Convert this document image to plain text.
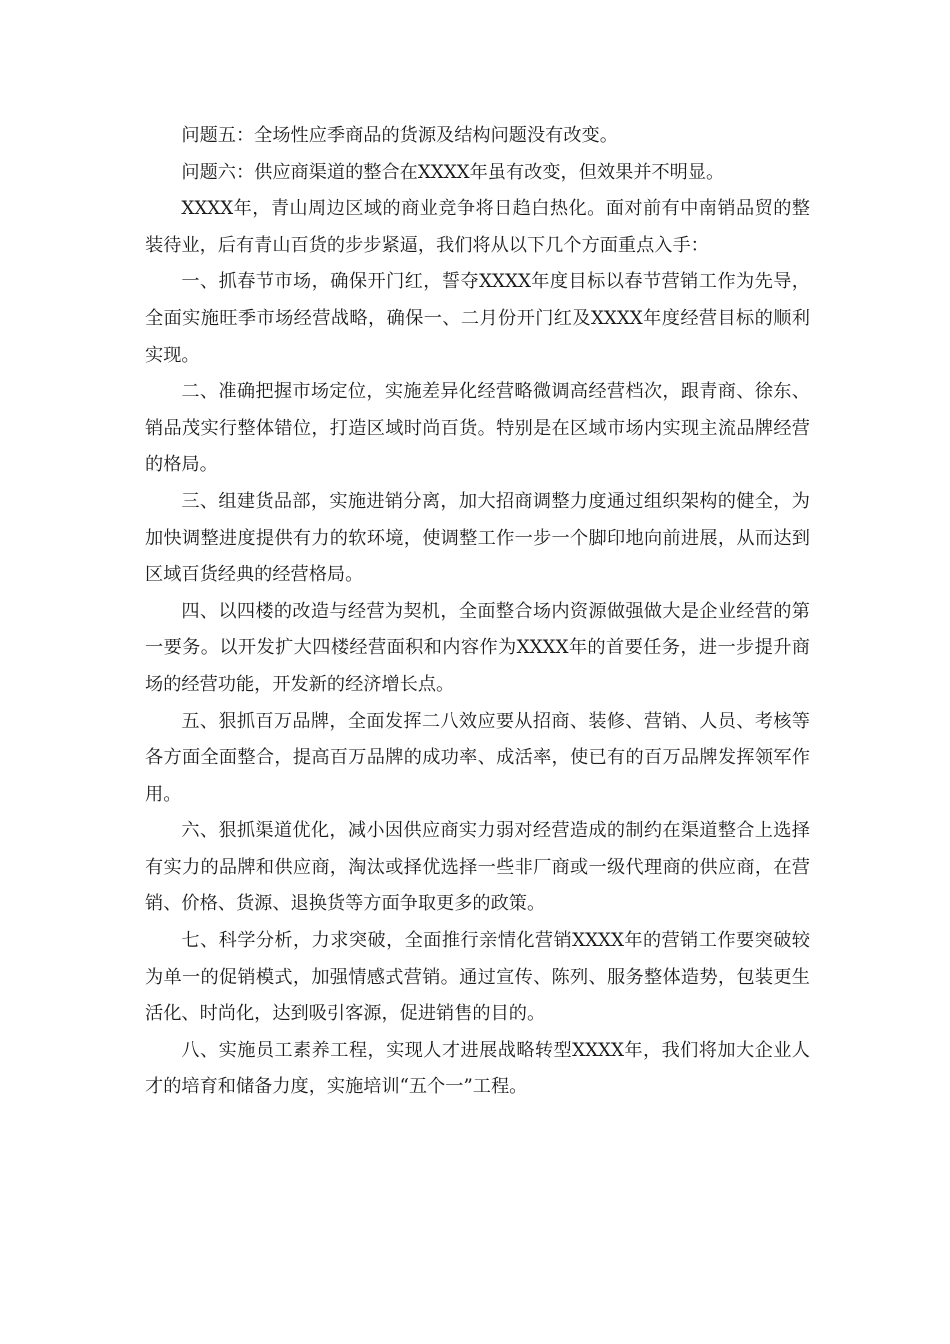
问题五：全场性应季商品的货源及结构问题没有改变。

问题六：供应商渠道的整合在XXXX年虽有改变，但效果并不明显。

XXXX年，青山周边区域的商业竞争将日趋白热化。面对前有中南销品贸的整装待业，后有青山百货的步步紧逼，我们将从以下几个方面重点入手：

一、抓春节市场，确保开门红，誓夺XXXX年度目标以春节营销工作为先导，全面实施旺季市场经营战略，确保一、二月份开门红及XXXX年度经营目标的顺利实现。

二、准确把握市场定位，实施差异化经营略微调高经营档次，跟青商、徐东、销品茂实行整体错位，打造区域时尚百货。特别是在区域市场内实现主流品牌经营的格局。

三、组建货品部，实施进销分离，加大招商调整力度通过组织架构的健全，为加快调整进度提供有力的软环境，使调整工作一步一个脚印地向前进展，从而达到区域百货经典的经营格局。

四、以四楼的改造与经营为契机，全面整合场内资源做强做大是企业经营的第一要务。以开发扩大四楼经营面积和内容作为XXXX年的首要任务，进一步提升商场的经营功能，开发新的经济增长点。

五、狠抓百万品牌，全面发挥二八效应要从招商、装修、营销、人员、考核等各方面全面整合，提高百万品牌的成功率、成活率，使已有的百万品牌发挥领军作用。

六、狠抓渠道优化，减小因供应商实力弱对经营造成的制约在渠道整合上选择有实力的品牌和供应商，淘汰或择优选择一些非厂商或一级代理商的供应商，在营销、价格、货源、退换货等方面争取更多的政策。

七、科学分析，力求突破，全面推行亲情化营销XXXX年的营销工作要突破较为单一的促销模式，加强情感式营销。通过宣传、陈列、服务整体造势，包装更生活化、时尚化，达到吸引客源，促进销售的目的。

八、实施员工素养工程，实现人才进展战略转型XXXX年，我们将加大企业人才的培育和储备力度，实施培训“五个一”工程。
